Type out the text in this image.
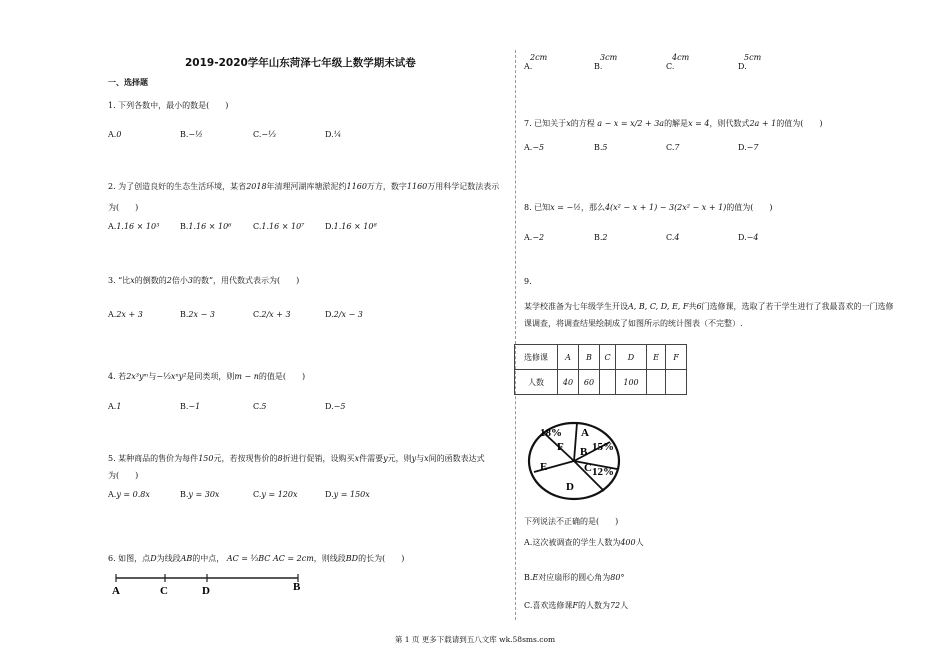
2019-2020学年山东菏泽七年级上数学期末试卷
一、选择题
1. 下列各数中，最小的数是(　　)
A.0	B.−½	C.−⅓	D.¼
2. 为了创造良好的生态生活环境，某省2018年清理河湖库塘淤泥约1160万方，数字1160万用科学记数法表示
为(　　)
A.1.16 × 10³	B.1.16 × 10⁶	C.1.16 × 10⁷	D.1.16 × 10⁸
3. “比x的倒数的2倍小3的数”，用代数式表示为(　　)
A.2x + 3	B.2x − 3	C.2/x + 3	D.2/x − 3
4. 若2x³yᵐ与−⅓xⁿy²是同类项，则m − n的值是(　　)
A.1	B.−1	C.5	D.−5
5. 某种商品的售价为每件150元，若按现售价的8折进行促销，设购买x件需要y元，则y与x间的函数表达式
为(　　)
A.y = 0.8x	B.y = 30x	C.y = 120x	D.y = 150x
6. 如图，点D为线段AB的中点， AC = ⅓BC AC = 2cm，则线段BD的长为(　　)
A	C	D	B
2cm
A.
3cm
B.
4cm
C.
5cm
D.
7. 已知关于x的方程 a − x = x/2 + 3a的解是x = 4，则代数式2a + 1的值为(　　)
A.−5	B.5	C.7	D.−7
8. 已知x = −½，那么4(x² − x + 1) − 3(2x² − x + 1)的值为(　　)
A.−2	B.2	C.4	D.−4
9.
某学校准备为七年级学生开设A, B, C, D, E, F共6门选修课，选取了若干学生进行了我最喜欢的一门选修
课调查，将调查结果绘制成了如图所示的统计图表（不完整）.
选修课	A	B	C	D	E	F
人数	40	60		100		
A
B 15%
C 12%
D
E
18%
F
下列说法不正确的是(　　)
A.这次被调查的学生人数为400人
B.E对应扇形的圆心角为80°
C.喜欢选修课F的人数为72人
第 1 页 更多下载请到五八文库 wk.58sms.com
